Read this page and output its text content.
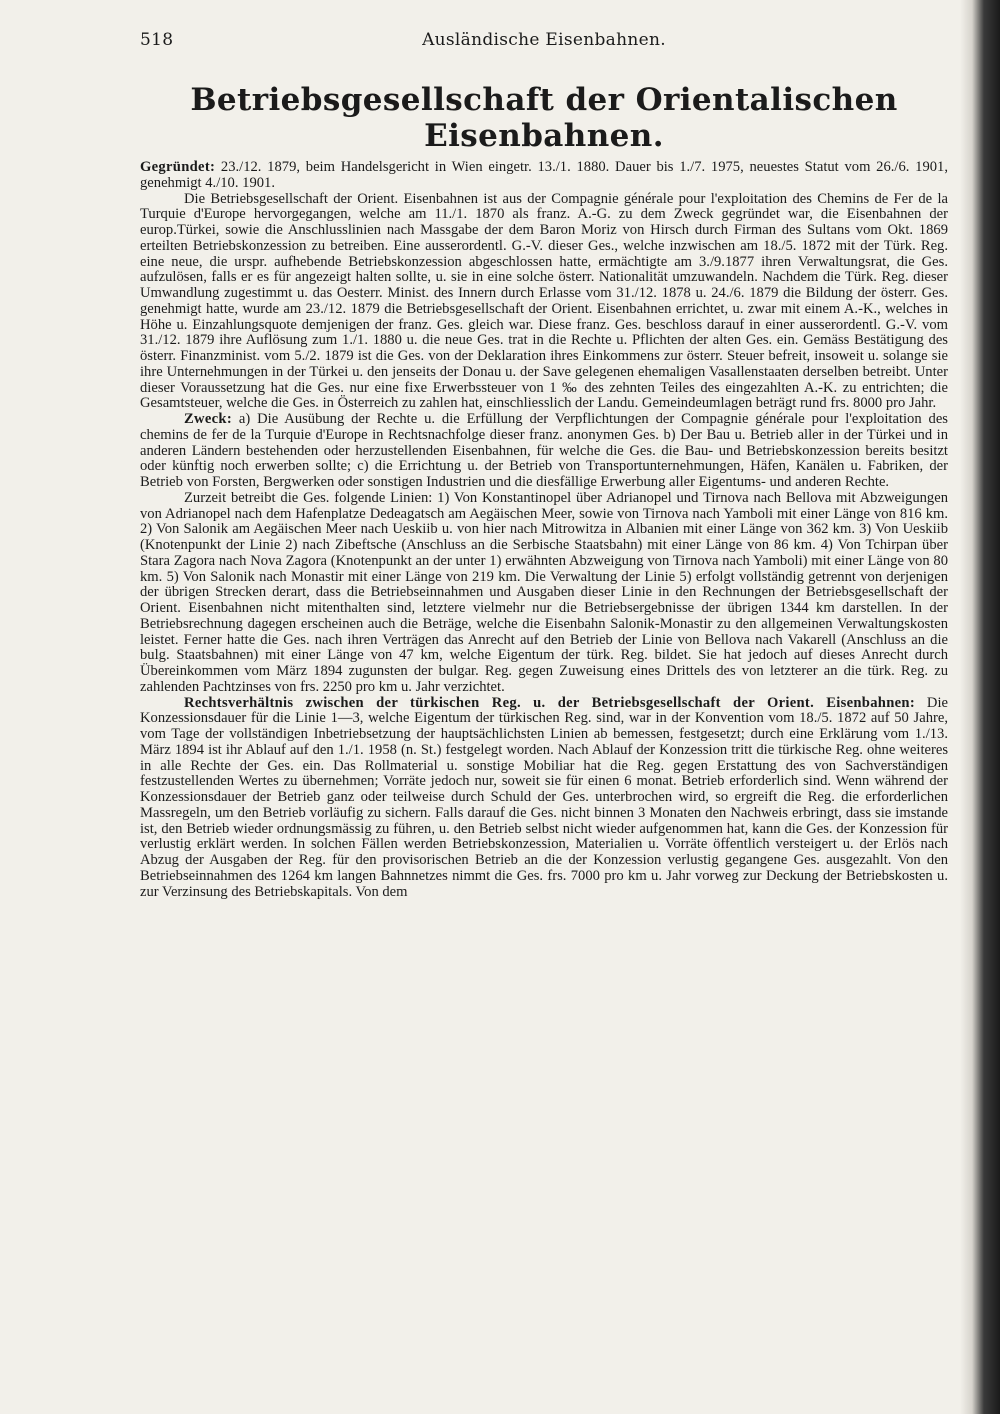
518	Ausländische Eisenbahnen.
Betriebsgesellschaft der Orientalischen Eisenbahnen.

Gegründet: 23./12. 1879, beim Handelsgericht in Wien eingetr. 13./1. 1880. Dauer bis 1./7. 1975, neuestes Statut vom 26./6. 1901, genehmigt 4./10. 1901.

Die Betriebsgesellschaft der Orient. Eisenbahnen ist aus der Compagnie générale pour l'exploitation des Chemins de Fer de la Turquie d'Europe hervorgegangen, welche am 11./1. 1870 als franz. A.-G. zu dem Zweck gegründet war, die Eisenbahnen der europ.Türkei, sowie die Anschlusslinien nach Massgabe der dem Baron Moriz von Hirsch durch Firman des Sultans vom Okt. 1869 erteilten Betriebskonzession zu betreiben. Eine ausserordentl. G.-V. dieser Ges., welche inzwischen am 18./5. 1872 mit der Türk. Reg. eine neue, die urspr. aufhebende Betriebskonzession abgeschlossen hatte, ermächtigte am 3./9.1877 ihren Verwaltungsrat, die Ges. aufzulösen, falls er es für angezeigt halten sollte, u. sie in eine solche österr. Nationalität umzuwandeln. Nachdem die Türk. Reg. dieser Umwandlung zugestimmt u. das Oesterr. Minist. des Innern durch Erlasse vom 31./12. 1878 u. 24./6. 1879 die Bildung der österr. Ges. genehmigt hatte, wurde am 23./12. 1879 die Betriebsgesellschaft der Orient. Eisenbahnen errichtet, u. zwar mit einem A.-K., welches in Höhe u. Einzahlungsquote demjenigen der franz. Ges. gleich war. Diese franz. Ges. beschloss darauf in einer ausserordentl. G.-V. vom 31./12. 1879 ihre Auflösung zum 1./1. 1880 u. die neue Ges. trat in die Rechte u. Pflichten der alten Ges. ein. Gemäss Bestätigung des österr. Finanzminist. vom 5./2. 1879 ist die Ges. von der Deklaration ihres Einkommens zur österr. Steuer befreit, insoweit u. solange sie ihre Unternehmungen in der Türkei u. den jenseits der Donau u. der Save gelegenen ehemaligen Vasallenstaaten derselben betreibt. Unter dieser Voraussetzung hat die Ges. nur eine fixe Erwerbssteuer von 1 ‰ des zehnten Teiles des eingezahlten A.-K. zu entrichten; die Gesamtsteuer, welche die Ges. in Österreich zu zahlen hat, einschliesslich der Landu. Gemeindeumlagen beträgt rund frs. 8000 pro Jahr.

Zweck: a) Die Ausübung der Rechte u. die Erfüllung der Verpflichtungen der Compagnie générale pour l'exploitation des chemins de fer de la Turquie d'Europe in Rechtsnachfolge dieser franz. anonymen Ges. b) Der Bau u. Betrieb aller in der Türkei und in anderen Ländern bestehenden oder herzustellenden Eisenbahnen, für welche die Ges. die Bau- und Betriebskonzession bereits besitzt oder künftig noch erwerben sollte; c) die Errichtung u. der Betrieb von Transportunternehmungen, Häfen, Kanälen u. Fabriken, der Betrieb von Forsten, Bergwerken oder sonstigen Industrien und die diesfällige Erwerbung aller Eigentums- und anderen Rechte.

Zurzeit betreibt die Ges. folgende Linien: 1) Von Konstantinopel über Adrianopel und Tirnova nach Bellova mit Abzweigungen von Adrianopel nach dem Hafenplatze Dedeagatsch am Aegäischen Meer, sowie von Tirnova nach Yamboli mit einer Länge von 816 km. 2) Von Salonik am Aegäischen Meer nach Ueskiib u. von hier nach Mitrowitza in Albanien mit einer Länge von 362 km. 3) Von Ueskiib (Knotenpunkt der Linie 2) nach Zibeftsche (Anschluss an die Serbische Staatsbahn) mit einer Länge von 86 km. 4) Von Tchirpan über Stara Zagora nach Nova Zagora (Knotenpunkt an der unter 1) erwähnten Abzweigung von Tirnova nach Yamboli) mit einer Länge von 80 km. 5) Von Salonik nach Monastir mit einer Länge von 219 km. Die Verwaltung der Linie 5) erfolgt vollständig getrennt von derjenigen der übrigen Strecken derart, dass die Betriebseinnahmen und Ausgaben dieser Linie in den Rechnungen der Betriebsgesellschaft der Orient. Eisenbahnen nicht mitenthalten sind, letztere vielmehr nur die Betriebsergebnisse der übrigen 1344 km darstellen. In der Betriebsrechnung dagegen erscheinen auch die Beträge, welche die Eisenbahn Salonik-Monastir zu den allgemeinen Verwaltungskosten leistet. Ferner hatte die Ges. nach ihren Verträgen das Anrecht auf den Betrieb der Linie von Bellova nach Vakarell (Anschluss an die bulg. Staatsbahnen) mit einer Länge von 47 km, welche Eigentum der türk. Reg. bildet. Sie hat jedoch auf dieses Anrecht durch Übereinkommen vom März 1894 zugunsten der bulgar. Reg. gegen Zuweisung eines Drittels des von letzterer an die türk. Reg. zu zahlenden Pachtzinses von frs. 2250 pro km u. Jahr verzichtet.

Rechtsverhältnis zwischen der türkischen Reg. u. der Betriebsgesellschaft der Orient. Eisenbahnen: Die Konzessionsdauer für die Linie 1—3, welche Eigentum der türkischen Reg. sind, war in der Konvention vom 18./5. 1872 auf 50 Jahre, vom Tage der vollständigen Inbetriebsetzung der hauptsächlichsten Linien ab bemessen, festgesetzt; durch eine Erklärung vom 1./13. März 1894 ist ihr Ablauf auf den 1./1. 1958 (n. St.) festgelegt worden. Nach Ablauf der Konzession tritt die türkische Reg. ohne weiteres in alle Rechte der Ges. ein. Das Rollmaterial u. sonstige Mobiliar hat die Reg. gegen Erstattung des von Sachverständigen festzustellenden Wertes zu übernehmen; Vorräte jedoch nur, soweit sie für einen 6 monat. Betrieb erforderlich sind. Wenn während der Konzessionsdauer der Betrieb ganz oder teilweise durch Schuld der Ges. unterbrochen wird, so ergreift die Reg. die erforderlichen Massregeln, um den Betrieb vorläufig zu sichern. Falls darauf die Ges. nicht binnen 3 Monaten den Nachweis erbringt, dass sie imstande ist, den Betrieb wieder ordnungsmässig zu führen, u. den Betrieb selbst nicht wieder aufgenommen hat, kann die Ges. der Konzession für verlustig erklärt werden. In solchen Fällen werden Betriebskonzession, Materialien u. Vorräte öffentlich versteigert u. der Erlös nach Abzug der Ausgaben der Reg. für den provisorischen Betrieb an die der Konzession verlustig gegangene Ges. ausgezahlt. Von den Betriebseinnahmen des 1264 km langen Bahnnetzes nimmt die Ges. frs. 7000 pro km u. Jahr vorweg zur Deckung der Betriebskosten u. zur Verzinsung des Betriebskapitals. Von dem
